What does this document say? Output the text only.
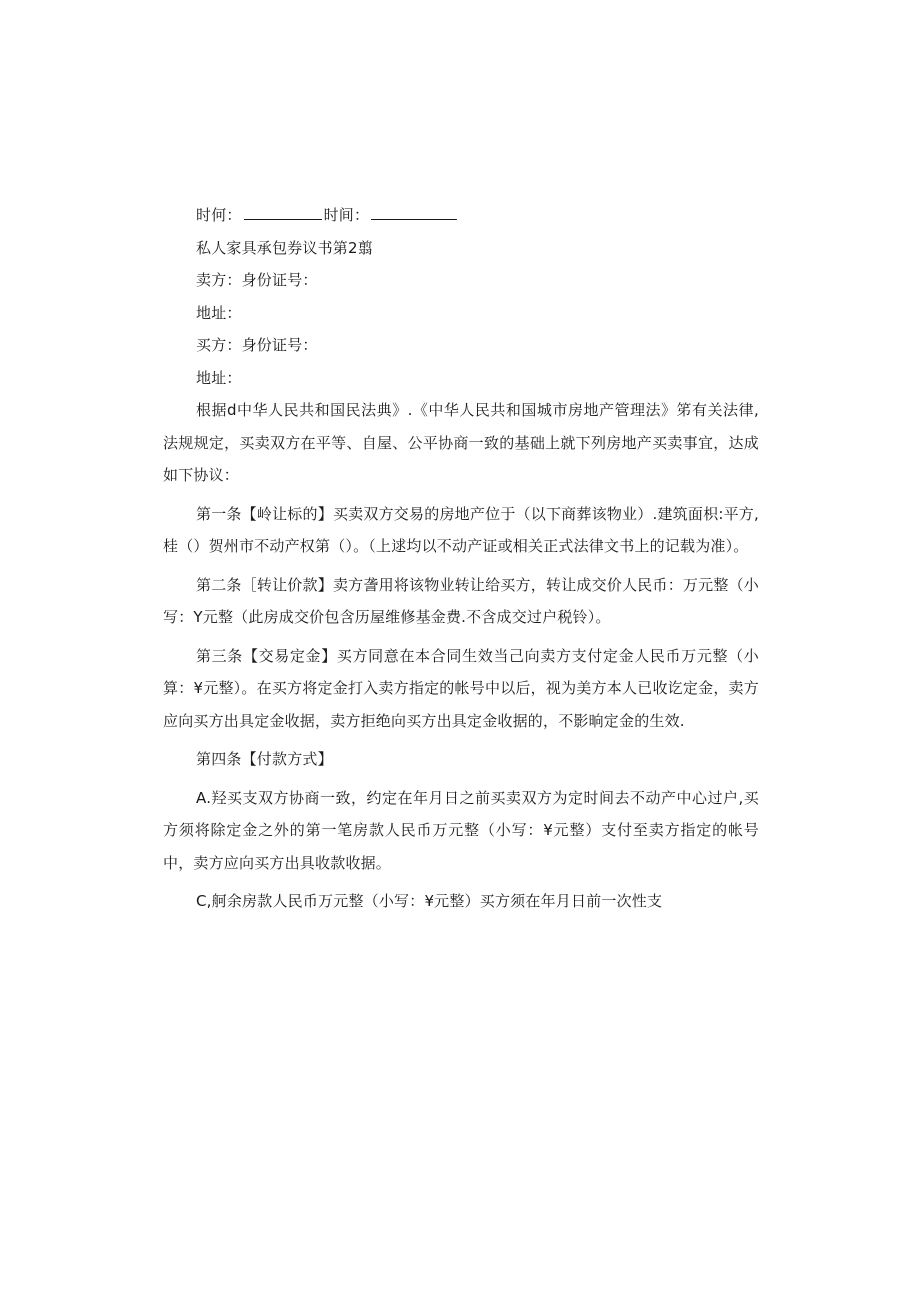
时何：	时间：
私人家具承包券议书第2翦
卖方：身份证号：
地址：
买方：身份证号：
地址：
根据d中华人民共和国民法典》.《中华人民共和国城市房地产管理法》笫有关法律,法规规定，买卖双方在平等、自屋、公平协商一致的基础上就下列房地产买卖事宜，达成如下协议：
第一条【岭让标的】买卖双方交易的房地产位于（以下商葬该物业）.建筑面枳:平方,桂（）贺州市不动产权第（）。（上逑均以不动产证或相关正式法律文书上的记载为准）。
第二条［转让价款】卖方詟用将该物业转让给买方，转让成交价人民币：万元整（小写：Y元整（此房成交价包含历屋维修基金费.不含成交过户税铃）。
第三条【交易定金】买方同意在本合同生效当己向卖方支付定金人民币万元整（小算：¥元整）。在买方将定金打入卖方指定的帐号中以后，视为美方本人已收讫定金，卖方应向买方出具定金收据，卖方拒绝向买方出具定金收据的，不影晌定金的生效.
第四条【付款方式】
A.羟买支双方协商一致，约定在年月日之前买卖双方为定时间去不动产中心过户,买方须将除定金之外的第一笔房款人民币万元整（小写：¥元整）支付至卖方指定的帐号中，卖方应向买方出具收款收据。
C,舸余房款人民币万元整（小写：¥元整）买方须在年月日前一次性支
